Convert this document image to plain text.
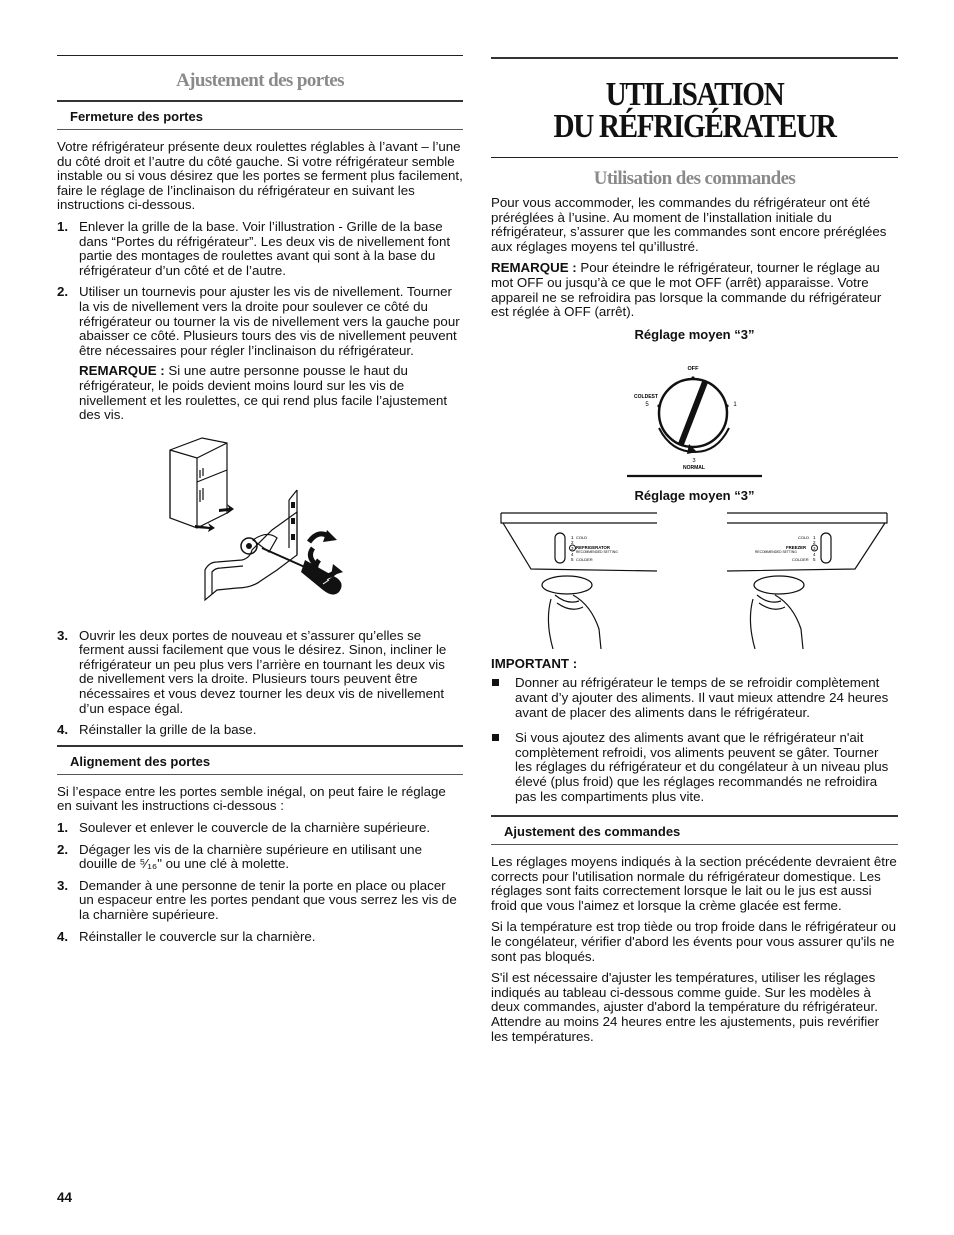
Ajustement des portes
Fermeture des portes

Votre réfrigérateur présente deux roulettes réglables à l’avant – l’une du côté droit et l’autre du côté gauche. Si votre réfrigérateur semble instable ou si vous désirez que les portes se ferment plus facilement, faire le réglage de l’inclinaison du réfrigérateur en suivant les instructions ci-dessous.

1. Enlever la grille de la base. Voir l’illustration - Grille de la base dans “Portes du réfrigérateur”. Les deux vis de nivellement font partie des montages de roulettes avant qui sont à la base du réfrigérateur d’un côté et de l’autre.
2. Utiliser un tournevis pour ajuster les vis de nivellement. Tourner la vis de nivellement vers la droite pour soulever ce côté du réfrigérateur ou tourner la vis de nivellement vers la gauche pour abaisser ce côté. Plusieurs tours des vis de nivellement peuvent être nécessaires pour régler l’inclinaison du réfrigérateur.
REMARQUE : Si une autre personne pousse le haut du réfrigérateur, le poids devient moins lourd sur les vis de nivellement et les roulettes, ce qui rend plus facile l’ajustement des vis.
3. Ouvrir les deux portes de nouveau et s’assurer qu’elles se ferment aussi facilement que vous le désirez. Sinon, incliner le réfrigérateur un peu plus vers l’arrière en tournant les deux vis de nivellement vers la droite. Plusieurs tours peuvent être nécessaires et vous devez tourner les deux vis de nivellement d’un espace égal.
4. Réinstaller la grille de la base.
Alignement des portes

Si l’espace entre les portes semble inégal, on peut faire le réglage en suivant les instructions ci-dessous :

1. Soulever et enlever le couvercle de la charnière supérieure.
2. Dégager les vis de la charnière supérieure en utilisant une douille de ⁵⁄₁₆" ou une clé à molette.
3. Demander à une personne de tenir la porte en place ou placer un espaceur entre les portes pendant que vous serrez les vis de la charnière supérieure.
4. Réinstaller le couvercle sur la charnière.
UTILISATION
DU RÉFRIGÉRATEUR
Utilisation des commandes

Pour vous accommoder, les commandes du réfrigérateur ont été préréglées à l’usine. Au moment de l’installation initiale du réfrigérateur, s’assurer que les commandes sont encore préréglées aux réglages moyens tel qu’illustré.

REMARQUE : Pour éteindre le réfrigérateur, tourner le réglage au mot OFF ou jusqu’à ce que le mot OFF (arrêt) apparaisse. Votre appareil ne se refroidira pas lorsque la commande du réfrigérateur est réglée à OFF (arrêt).

Réglage moyen “3”
OFF
COLDEST
5	1
3
NORMAL
Réglage moyen “3”
1 COLD
2
3 REFRIGERATOR
RECOMMENDED SETTING
4
5 COLDER
1
COLD
2
3
FREEZER
RECOMMENDED SETTING	4
5
COLDER

IMPORTANT :

Donner au réfrigérateur le temps de se refroidir complètement avant d’y ajouter des aliments. Il vaut mieux attendre 24 heures avant de placer des aliments dans le réfrigérateur.
Si vous ajoutez des aliments avant que le réfrigérateur n'ait complètement refroidi, vos aliments peuvent se gâter. Tourner les réglages du réfrigérateur et du congélateur à un niveau plus élevé (plus froid) que les réglages recommandés ne refroidira pas les compartiments plus vite.
Ajustement des commandes

Les réglages moyens indiqués à la section précédente devraient être corrects pour l'utilisation normale du réfrigérateur domestique. Les réglages sont faits correctement lorsque le lait ou le jus est aussi froid que vous l'aimez et lorsque la crème glacée est ferme.

Si la température est trop tiède ou trop froide dans le réfrigérateur ou le congélateur, vérifier d'abord les évents pour vous assurer qu'ils ne sont pas bloqués.

S'il est nécessaire d'ajuster les températures, utiliser les réglages indiqués au tableau ci-dessous comme guide. Sur les modèles à deux commandes, ajuster d'abord la température du réfrigérateur. Attendre au moins 24 heures entre les ajustements, puis revérifier les températures.

44
